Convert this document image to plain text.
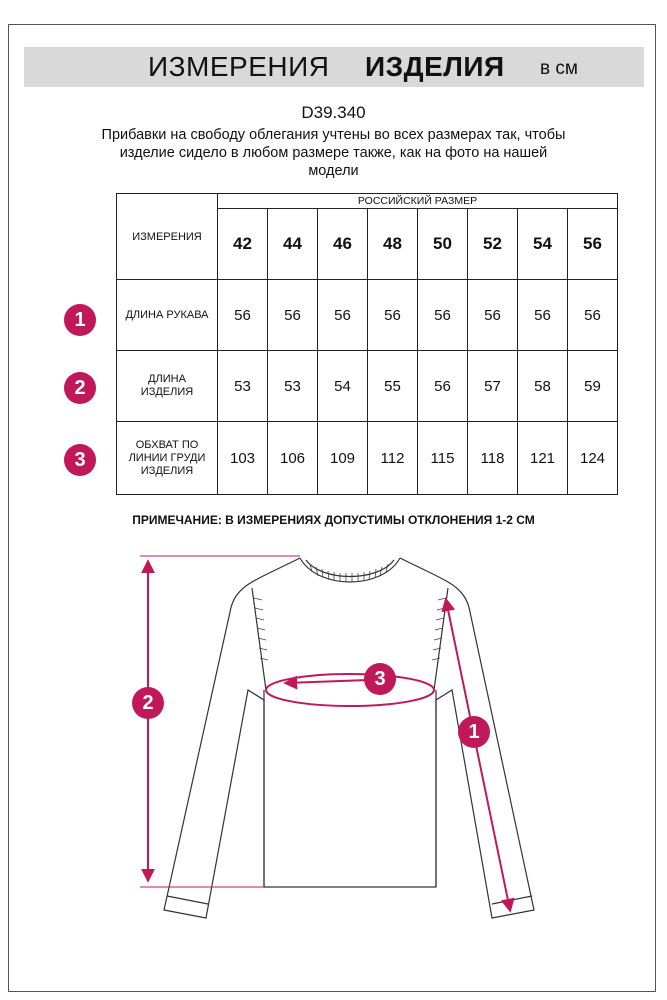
ИЗМЕРЕНИЯ ИЗДЕЛИЯ в см
D39.340
Прибавки на свободу облегания учтены во всех размерах так, чтобы
изделие сидело в любом размере также, как на фото на нашей
модели
ИЗМЕРЕНИЯ	РОССИЙСКИЙ РАЗМЕР							
	42	44	46	48	50	52	54	56
ДЛИНА РУКАВА	56	56	56	56	56	56	56	56

ДЛИНА
ИЗДЕЛИЯ	53	53	54	55	56	57	58	59

ОБХВАТ ПО
ЛИНИИ ГРУДИ
ИЗДЕЛИЯ	103	106	109	112	115	118	121	124
1
2
3
ПРИМЕЧАНИЕ: В ИЗМЕРЕНИЯХ ДОПУСТИМЫ ОТКЛОНЕНИЯ 1-2 СМ
2
3
1
